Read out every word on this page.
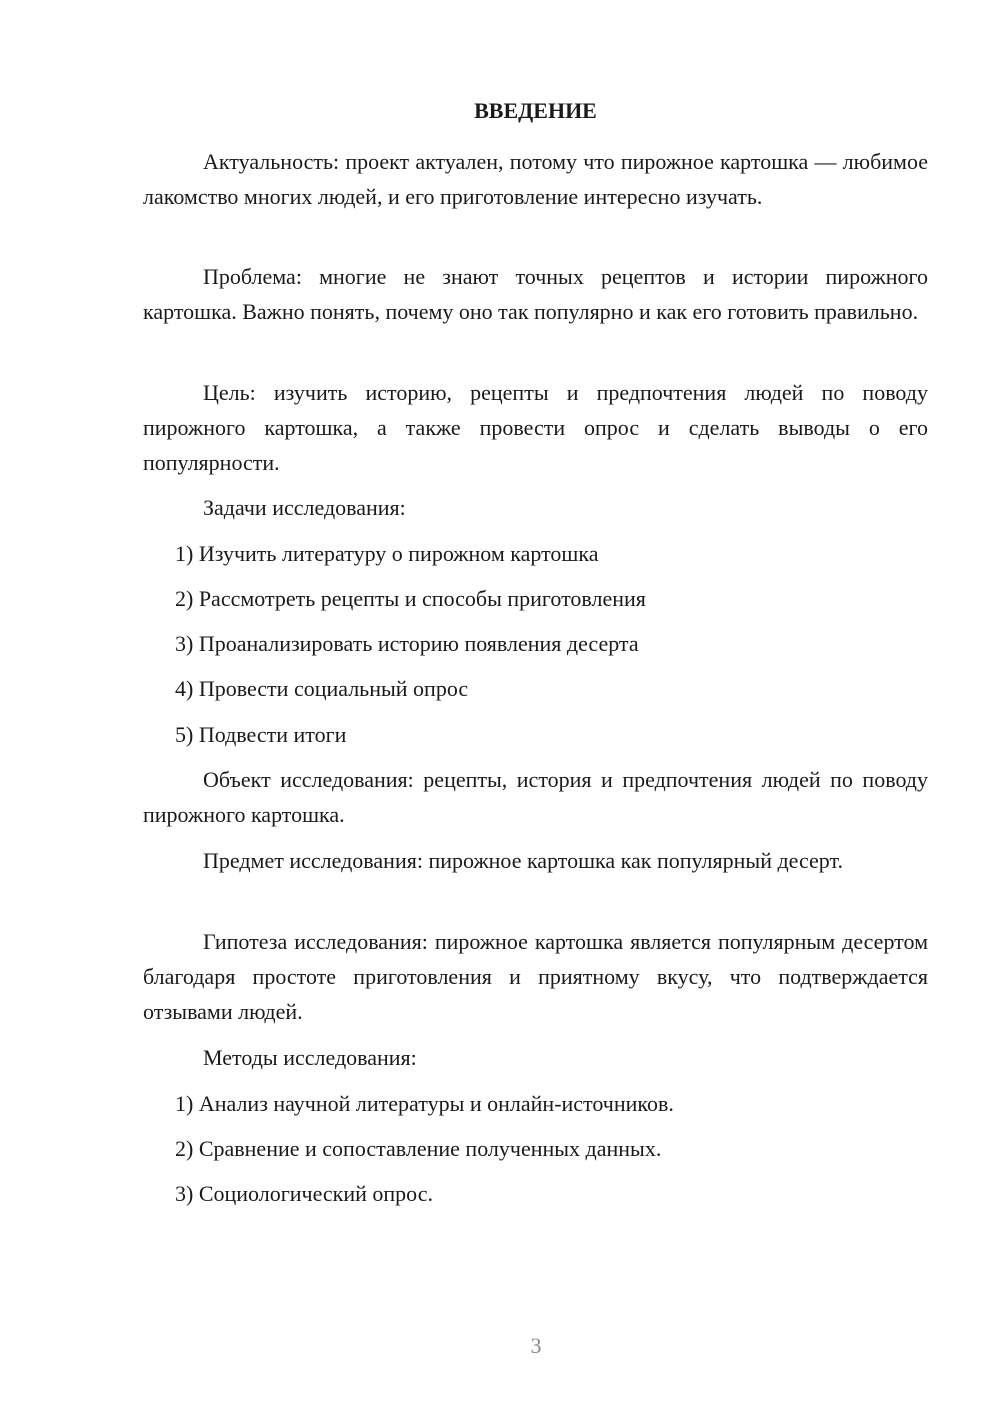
ВВЕДЕНИЕ

Актуальность: проект актуален, потому что пирожное картошка — любимое лакомство многих людей, и его приготовление интересно изучать.

Проблема: многие не знают точных рецептов и истории пирожного картошка. Важно понять, почему оно так популярно и как его готовить правильно.

Цель: изучить историю, рецепты и предпочтения людей по поводу пирожного картошка, а также провести опрос и сделать выводы о его популярности.

Задачи исследования:

1) Изучить литературу о пирожном картошка

2) Рассмотреть рецепты и способы приготовления

3) Проанализировать историю появления десерта

4) Провести социальный опрос

5) Подвести итоги

Объект исследования: рецепты, история и предпочтения людей по поводу пирожного картошка.

Предмет исследования: пирожное картошка как популярный десерт.

Гипотеза исследования: пирожное картошка является популярным десертом благодаря простоте приготовления и приятному вкусу, что подтверждается отзывами людей.

Методы исследования:

1) Анализ научной литературы и онлайн-источников.

2) Сравнение и сопоставление полученных данных.

3) Социологический опрос.

3
